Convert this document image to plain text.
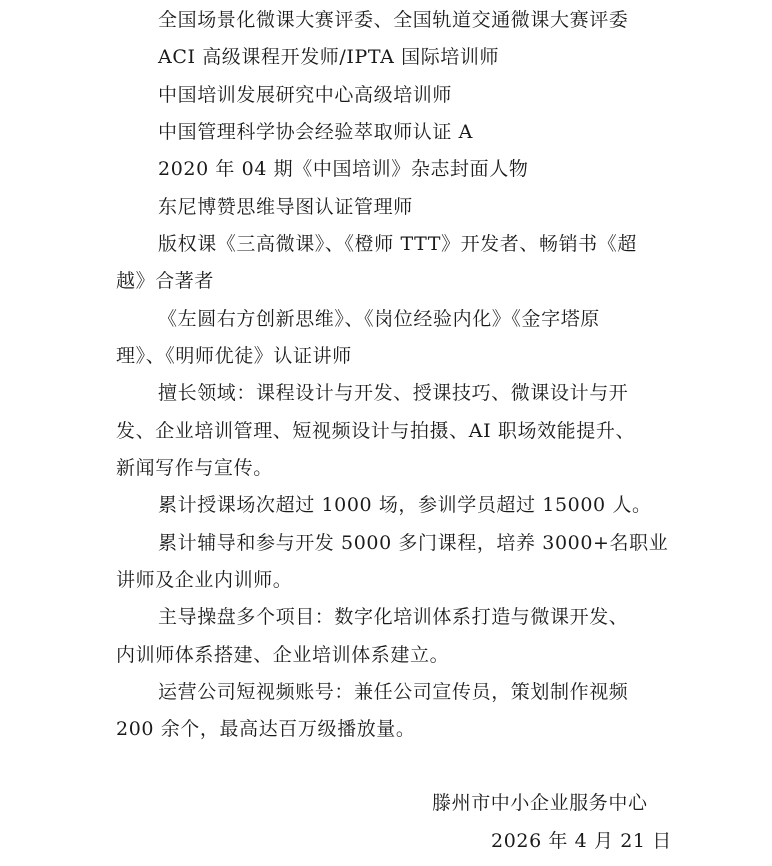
全国场景化微课大赛评委、全国轨道交通微课大赛评委
ACI 高级课程开发师/IPTA 国际培训师
中国培训发展研究中心高级培训师
中国管理科学协会经验萃取师认证 A
2020 年 04 期《中国培训》杂志封面人物
东尼博赞思维导图认证管理师
版权课《三高微课》、《橙师 TTT》开发者、畅销书《超
越》合著者
《左圆右方创新思维》、《岗位经验内化》《金字塔原
理》、《明师优徒》认证讲师
擅长领域：课程设计与开发、授课技巧、微课设计与开
发、企业培训管理、短视频设计与拍摄、AI 职场效能提升、
新闻写作与宣传。
累计授课场次超过 1000 场，参训学员超过 15000 人。
累计辅导和参与开发 5000 多门课程，培养 3000+名职业
讲师及企业内训师。
主导操盘多个项目：数字化培训体系打造与微课开发、
内训师体系搭建、企业培训体系建立。
运营公司短视频账号：兼任公司宣传员，策划制作视频
200 余个，最高达百万级播放量。
滕州市中小企业服务中心
2026 年 4 月 21 日
